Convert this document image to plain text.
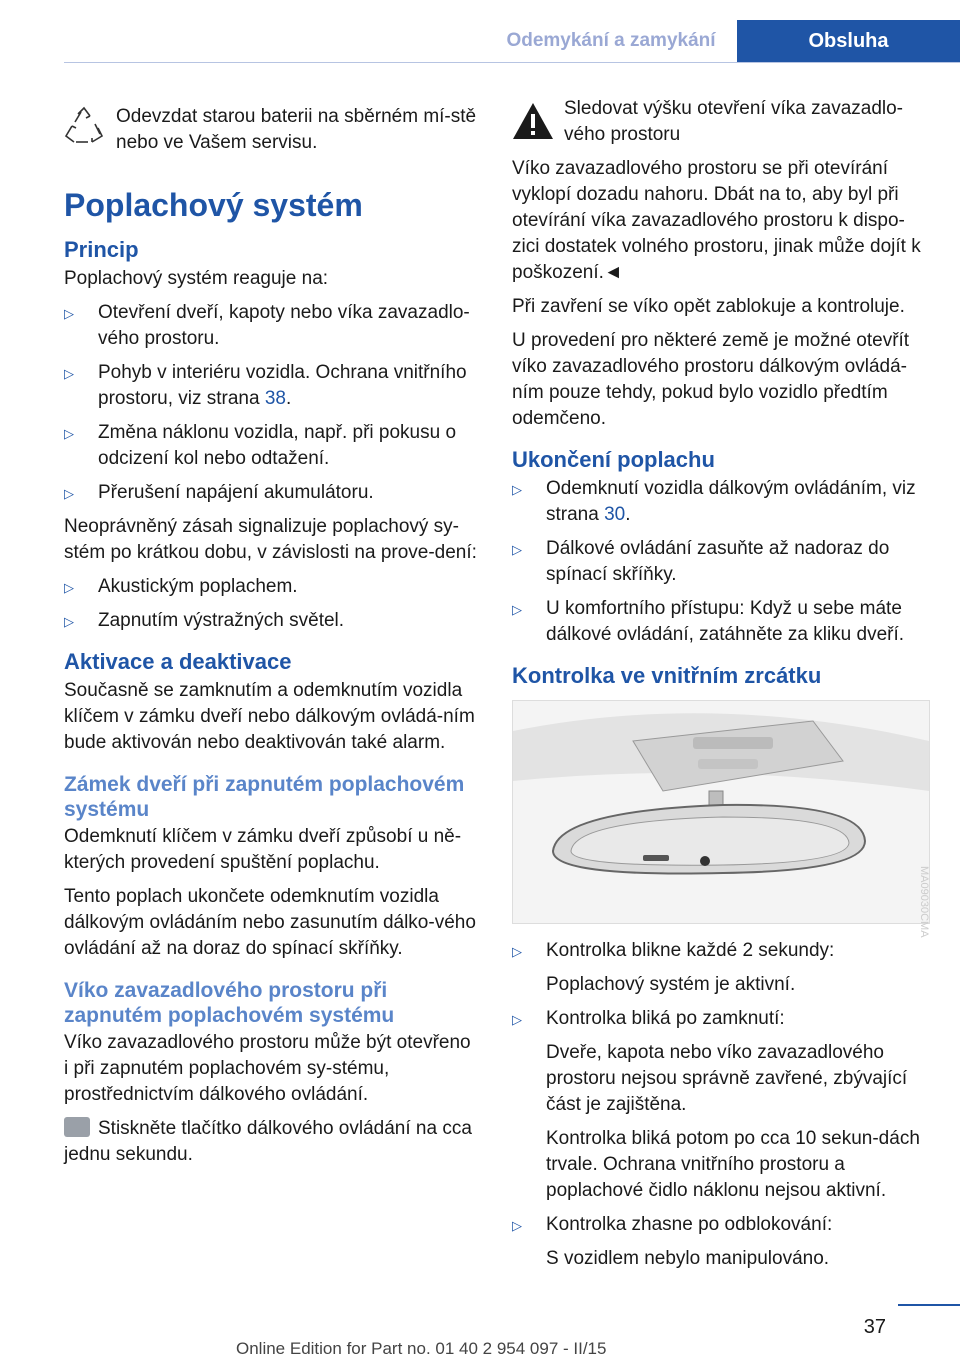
Odemykání a zamykání	Obsluha

Odevzdat starou baterii na sběrném mí‐stě nebo ve Vašem servisu.

Poplachový systém
Princip

Poplachový systém reaguje na:

▷ Otevření dveří, kapoty nebo víka zavazadlo‐vého prostoru.
▷ Pohyb v interiéru vozidla. Ochrana vnitřního prostoru, viz strana 38.
▷ Změna náklonu vozidla, např. při pokusu o odcizení kol nebo odtažení.
▷ Přerušení napájení akumulátoru.

Neoprávněný zásah signalizuje poplachový sy‐stém po krátkou dobu, v závislosti na prove‐dení:

▷ Akustickým poplachem.
▷ Zapnutím výstražných světel.
Aktivace a deaktivace

Současně se zamknutím a odemknutím vozidla klíčem v zámku dveří nebo dálkovým ovládá‐ním bude aktivován nebo deaktivován také alarm.

Zámek dveří při zapnutém poplachovém systému

Odemknutí klíčem v zámku dveří způsobí u ně‐kterých provedení spuštění poplachu.

Tento poplach ukončete odemknutím vozidla dálkovým ovládáním nebo zasunutím dálko‐vého ovládání až na doraz do spínací skříňky.

Víko zavazadlového prostoru při zapnutém poplachovém systému

Víko zavazadlového prostoru může být otevřeno i při zapnutém poplachovém sy‐stému, prostřednictvím dálkového ovládání.

Stiskněte tlačítko dálkového ovládání na cca jednu sekundu.

Sledovat výšku otevření víka zavazadlo‐vého prostoru

Víko zavazadlového prostoru se při otevírání vyklopí dozadu nahoru. Dbát na to, aby byl při otevírání víka zavazadlového prostoru k dispo‐zici dostatek volného prostoru, jinak může dojít k poškození.◄

Při zavření se víko opět zablokuje a kontroluje.

U provedení pro některé země je možné otevřít víko zavazadlového prostoru dálkovým ovládá‐ním pouze tehdy, pokud bylo vozidlo předtím odemčeno.

Ukončení poplachu
▷ Odemknutí vozidla dálkovým ovládáním, viz strana 30.
▷ Dálkové ovládání zasuňte až nadoraz do spínací skříňky.
▷ U komfortního přístupu: Když u sebe máte dálkové ovládání, zatáhněte za kliku dveří.
Kontrolka ve vnitřním zrcátku
▷ Kontrolka blikne každé 2 sekundy:
Poplachový systém je aktivní.
▷ Kontrolka bliká po zamknutí:
Dveře, kapota nebo víko zavazadlového prostoru nejsou správně zavřené, zbývající část je zajištěna.
Kontrolka bliká potom po cca 10 sekun‐dách trvale. Ochrana vnitřního prostoru a poplachové čidlo náklonu nejsou aktivní.
▷ Kontrolka zhasne po odblokování:
S vozidlem nebylo manipulováno.
MA09030CMA
37
Online Edition for Part no. 01 40 2 954 097 - II/15
